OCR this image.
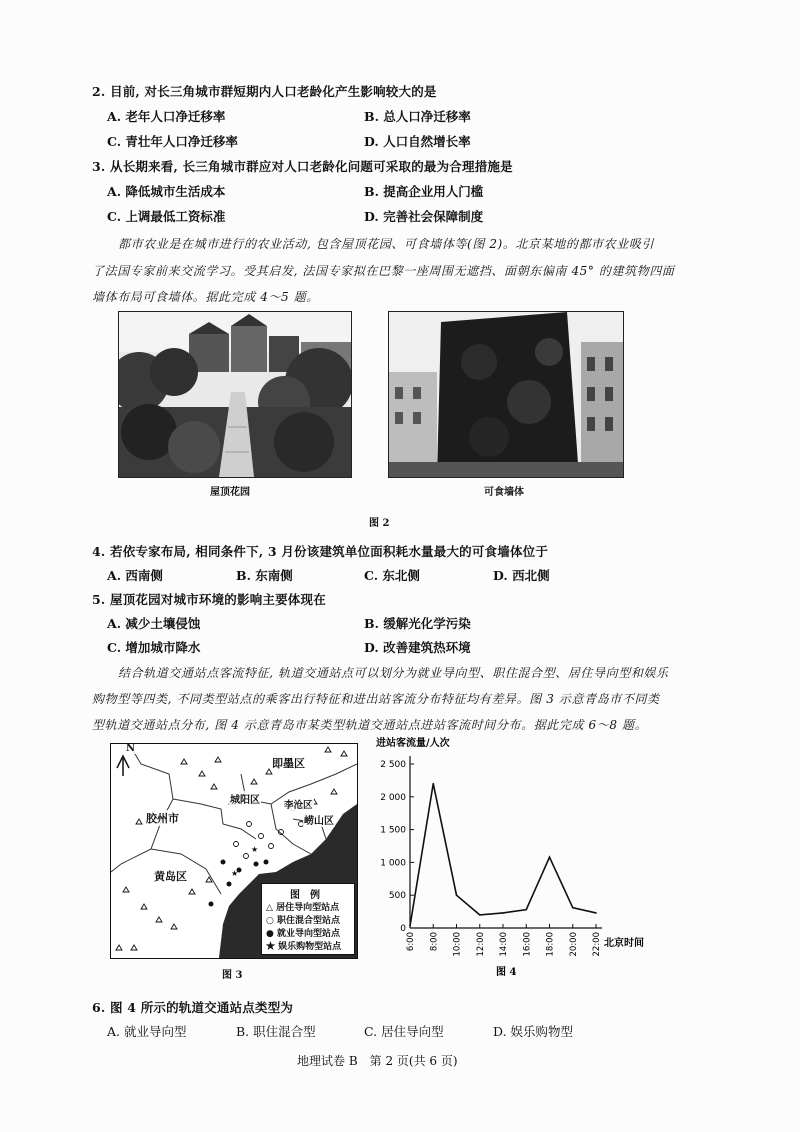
2. 目前, 对长三角城市群短期内人口老龄化产生影响较大的是
A. 老年人口净迁移率	B. 总人口净迁移率
C. 青壮年人口净迁移率	D. 人口自然增长率
3. 从长期来看, 长三角城市群应对人口老龄化问题可采取的最为合理措施是
A. 降低城市生活成本	B. 提高企业用人门槛
C. 上调最低工资标准	D. 完善社会保障制度
都市农业是在城市进行的农业活动, 包含屋顶花园、可食墙体等(图 2)。北京某地的都市农业吸引
了法国专家前来交流学习。受其启发, 法国专家拟在巴黎一座周围无遮挡、面朝东偏南 45° 的建筑物四面
墙体布局可食墙体。据此完成 4～5 题。
屋顶花园	可食墙体
图 2
4. 若依专家布局, 相同条件下, 3 月份该建筑单位面积耗水量最大的可食墙体位于
A. 西南侧	B. 东南侧	C. 东北侧	D. 西北侧
5. 屋顶花园对城市环境的影响主要体现在
A. 减少土壤侵蚀	B. 缓解光化学污染
C. 增加城市降水	D. 改善建筑热环境
结合轨道交通站点客流特征, 轨道交通站点可以划分为就业导向型、职住混合型、居住导向型和娱乐
购物型等四类, 不同类型站点的乘客出行特征和进出站客流分布特征均有差异。图 3 示意青岛市不同类
型轨道交通站点分布, 图 4 示意青岛市某类型轨道交通站点进站客流时间分布。据此完成 6～8 题。
★
★
N
即墨区
胶州市
城阳区	李沧区
崂山区
黄岛区
图　例
△ 居住导向型站点
○ 职住混合型站点
● 就业导向型站点
★ 娱乐购物型站点
图 3
进站客流量/人次
0
500
1 000
1 500
2 000
2 500
6:00 8:00 10:00 12:00 14:00 16:00 18:00 20:00 22:00 北京时间
图 4
6. 图 4 所示的轨道交通站点类型为
A. 就业导向型	B. 职住混合型	C. 居住导向型	D. 娱乐购物型
地理试卷 B　第 2 页(共 6 页)
